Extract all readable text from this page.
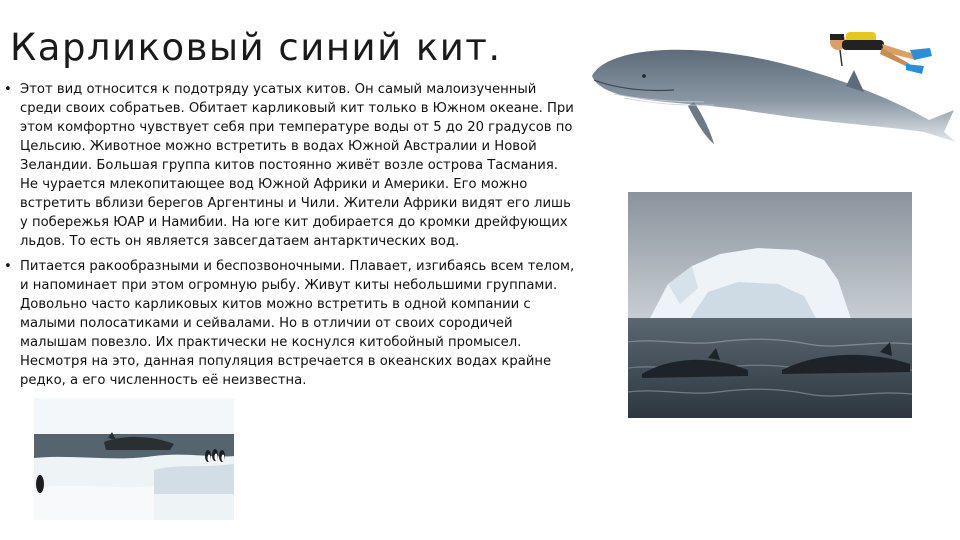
Карликовый синий кит.
• Этот вид относится к подотряду усатых китов. Он самый малоизученный среди своих собратьев. Обитает карликовый кит только в Южном океане. При этом комфортно чувствует себя при температуре воды от 5 до 20 градусов по Цельсию. Животное можно встретить в водах Южной Австралии и Новой Зеландии. Большая группа китов постоянно живёт возле острова Тасмания. Не чурается млекопитающее вод Южной Африки и Америки. Его можно встретить вблизи берегов Аргентины и Чили. Жители Африки видят его лишь у побережья ЮАР и Намибии. На юге кит добирается до кромки дрейфующих льдов. То есть он является завсегдатаем антарктических вод.
• Питается ракообразными и беспозвоночными. Плавает, изгибаясь всем телом, и напоминает при этом огромную рыбу. Живут киты небольшими группами. Довольно часто карликовых китов можно встретить в одной компании с малыми полосатиками и сейвалами. Но в отличии от своих сородичей малышам повезло. Их практически не коснулся китобойный промысел. Несмотря на это, данная популяция встречается в океанских водах крайне редко, а его численность её неизвестна.
